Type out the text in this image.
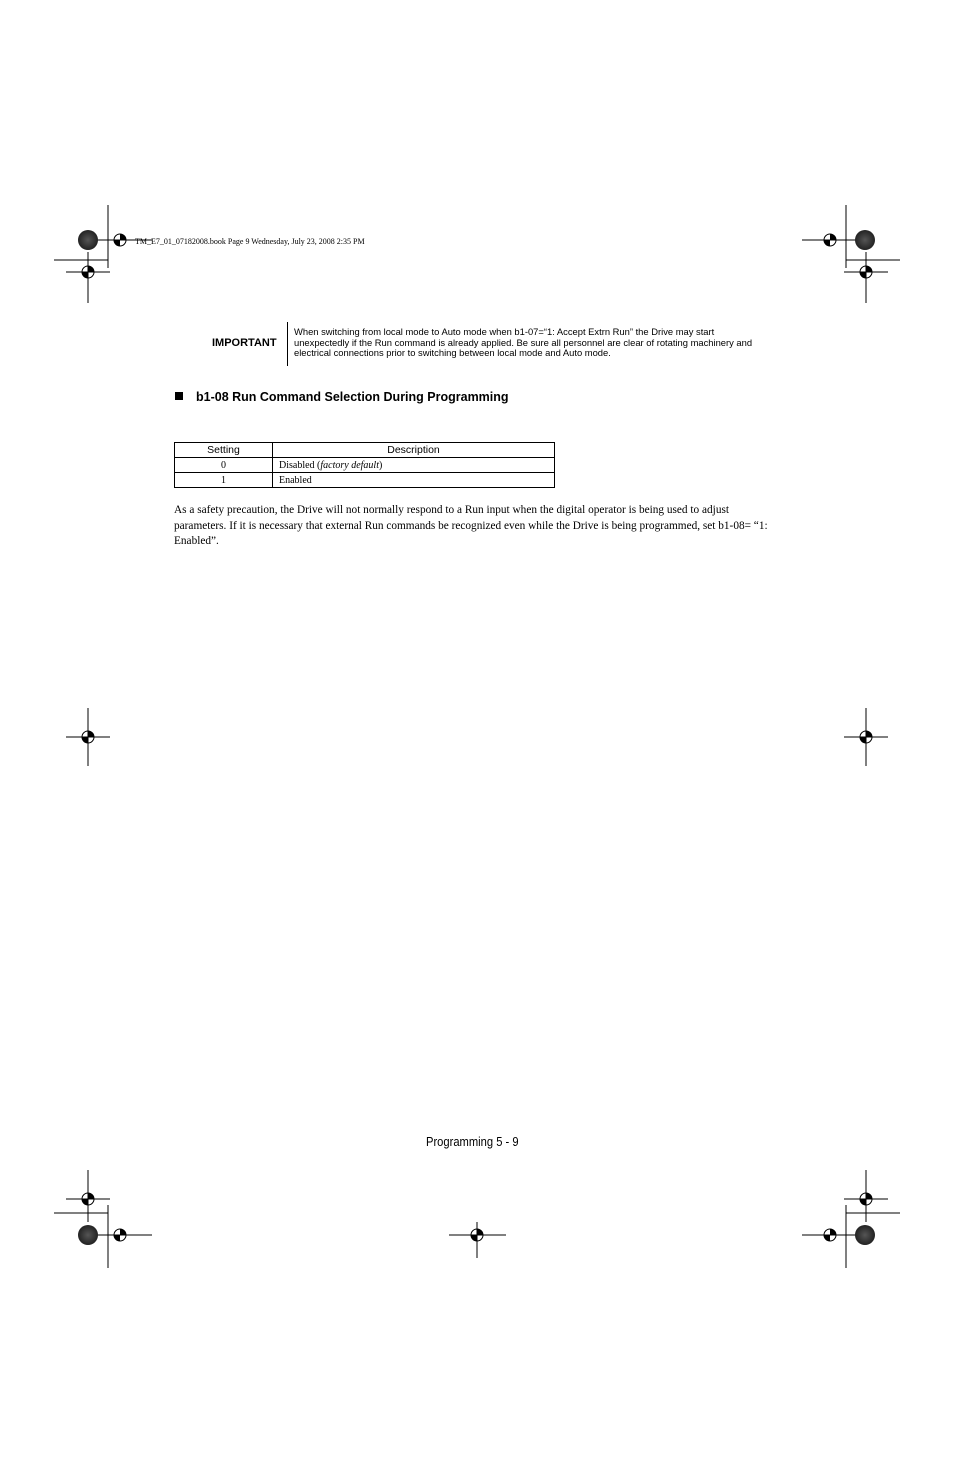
TM_E7_01_07182008.book Page 9 Wednesday, July 23, 2008 2:35 PM
IMPORTANT
When switching from local mode to Auto mode when b1-07=“1: Accept Extrn Run” the Drive may start unexpectedly if the Run command is already applied. Be sure all personnel are clear of rotating machinery and electrical connections prior to switching between local mode and Auto mode.
b1-08 Run Command Selection During Programming
Setting	Description
0	Disabled (factory default)
1	Enabled
As a safety precaution, the Drive will not normally respond to a Run input when the digital operator is being used to adjust parameters. If it is necessary that external Run commands be recognized even while the Drive is being programmed, set b1-08= “1: Enabled”.
Programming 5 - 9
